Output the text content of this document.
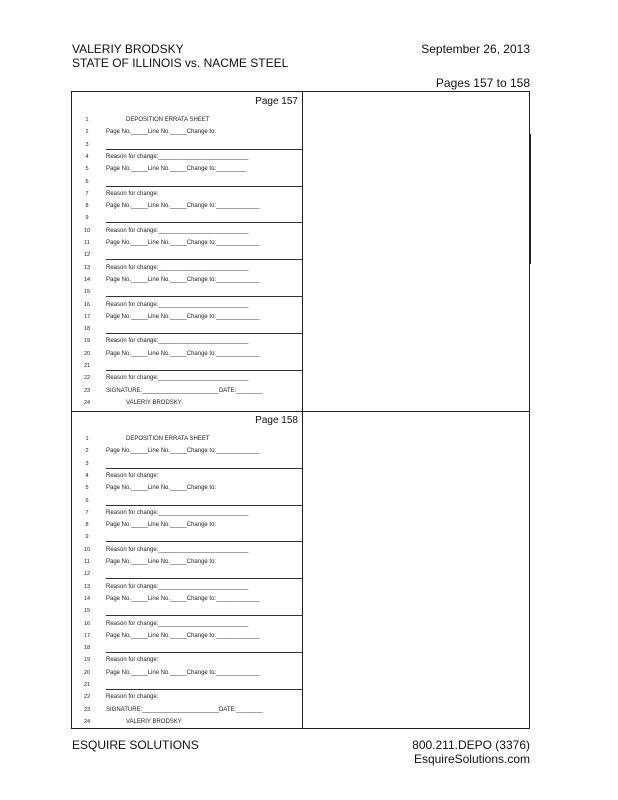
VALERIY BRODSKY
STATE OF ILLINOIS vs. NACME STEEL
September 26, 2013
Pages 157 to 158
Page 157
1	DEPOSITION ERRATA SHEET
2	Page No._____Line No._____Change to:
3
4	Reason for change:___________________________
5	Page No._____Line No._____Change to:_________
6
7	Reason for change:
8	Page No._____Line No._____Change to:_____________
9
10	Reason for change:___________________________
11	Page No._____Line No._____Change to:_____________
12
13	Reason for change:___________________________
14	Page No._____Line No._____Change to:_____________
15
16	Reason for change:___________________________
17	Page No._____Line No._____Change to:_____________
18
19	Reason for change:___________________________
20	Page No._____Line No._____Change to:_____________
21
22	Reason for change:___________________________
23	SIGNATURE:_______________________DATE:________
24	VALERIY BRODSKY
Page 158
1	DEPOSITION ERRATA SHEET
2	Page No._____Line No._____Change to:_____________
3
4	Reason for change:
5	Page No._____Line No._____Change to:
6
7	Reason for change:___________________________
8	Page No._____Line No._____Change to:
9
10	Reason for change:___________________________
11	Page No._____Line No._____Change to:
12
13	Reason for change:___________________________
14	Page No._____Line No._____Change to:_____________
15
16	Reason for change:___________________________
17	Page No._____Line No._____Change to:_____________
18
19	Reason for change:
20	Page No._____Line No._____Change to:_____________
21
22	Reason for change:
23	SIGNATURE:_______________________DATE:________
24	VALERIY BRODSKY
ESQUIRE SOLUTIONS	800.211.DEPO (3376)
EsquireSolutions.com
